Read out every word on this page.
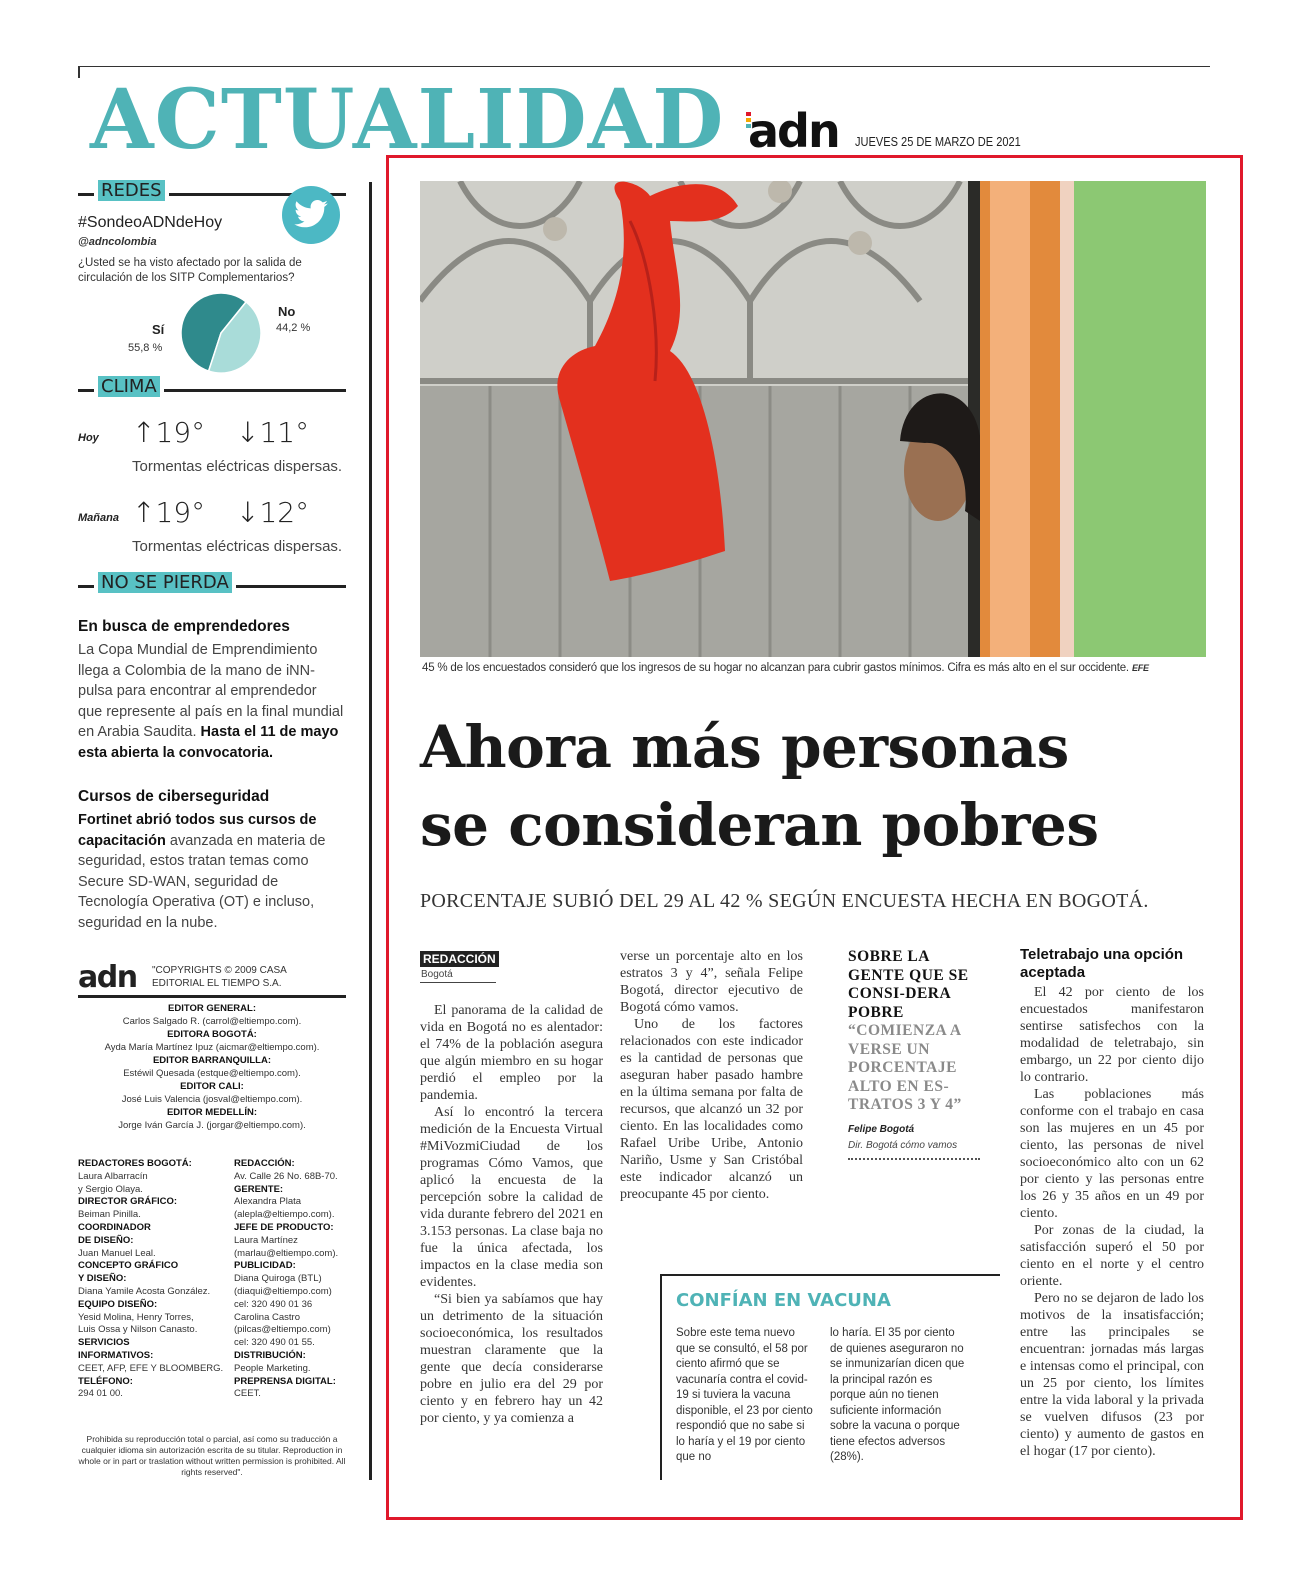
ACTUALIDAD adn JUEVES 25 DE MARZO DE 2021
REDES
#SondeoADNdeHoy
@adncolombia
¿Usted se ha visto afectado por la salida de circulación de los SITP Complementarios?
Sí
55,8 %
No
44,2 %
CLIMA
Hoy ↑19° ↓11°
Tormentas eléctricas dispersas.
Mañana ↑19° ↓12°
Tormentas eléctricas dispersas.
NO SE PIERDA
En busca de emprendedores
La Copa Mundial de Emprendimiento llega a Colombia de la mano de iNN-pulsa para encontrar al emprendedor que represente al país en la final mundial en Arabia Saudita. Hasta el 11 de mayo esta abierta la convocatoria.
Cursos de ciberseguridad
Fortinet abrió todos sus cursos de capacitación avanzada en materia de seguridad, estos tratan temas como Secure SD-WAN, seguridad de Tecnología Operativa (OT) e incluso, seguridad en la nube.
adn "COPYRIGHTS © 2009 CASA EDITORIAL EL TIEMPO S.A.
EDITOR GENERAL:
Carlos Salgado R. (carrol@eltiempo.com).
EDITORA BOGOTÁ:
Ayda María Martínez Ipuz (aicmar@eltiempo.com).
EDITOR BARRANQUILLA:
Estéwil Quesada (estque@eltiempo.com).
EDITOR CALI:
José Luis Valencia (josval@eltiempo.com).
EDITOR MEDELLÍN:
Jorge Iván García J. (jorgar@eltiempo.com).
REDACTORES BOGOTÁ:
Laura Albarracín
y Sergio Olaya.
DIRECTOR GRÁFICO:
Beiman Pinilla.
COORDINADOR
DE DISEÑO:
Juan Manuel Leal.
CONCEPTO GRÁFICO
Y DISEÑO:
Diana Yamile Acosta González.
EQUIPO DISEÑO:
Yesid Molina, Henry Torres,
Luis Ossa y Nilson Canasto.
SERVICIOS
INFORMATIVOS:
CEET, AFP, EFE Y BLOOMBERG.
TELÉFONO:
294 01 00.
REDACCIÓN:
Av. Calle 26 No. 68B-70.
GERENTE:
Alexandra Plata
(alepla@eltiempo.com).
JEFE DE PRODUCTO:
Laura Martínez
(marlau@eltiempo.com).
PUBLICIDAD:
Diana Quiroga (BTL)
(diaqui@eltiempo.com)
cel: 320 490 01 36
Carolina Castro
(pilcas@eltiempo.com)
cel: 320 490 01 55.
DISTRIBUCIÓN:
People Marketing.
PREPRENSA DIGITAL:
CEET.
Prohibida su reproducción total o parcial, así como su traducción a cualquier idioma sin autorización escrita de su titular. Reproduction in whole or in part or traslation without written permission is prohibited. All rights reserved".
45 % de los encuestados consideró que los ingresos de su hogar no alcanzan para cubrir gastos mínimos. Cifra es más alto en el sur occidente. EFE
Ahora más personas
se consideran pobres
PORCENTAJE SUBIÓ DEL 29 AL 42 % SEGÚN ENCUESTA HECHA EN BOGOTÁ.
REDACCIÓN
Bogotá

El panorama de la calidad de vida en Bogotá no es alentador: el 74% de la población asegura que algún miembro en su hogar perdió el empleo por la pandemia.

Así lo encontró la tercera medición de la Encuesta Virtual #MiVozmiCiudad de los programas Cómo Vamos, que aplicó la encuesta de la percepción sobre la calidad de vida durante febrero del 2021 en 3.153 personas. La clase baja no fue la única afectada, los impactos en la clase media son evidentes.

“Si bien ya sabíamos que hay un detrimento de la situación socioeconómica, los resultados muestran claramente que la gente que decía considerarse pobre en julio era del 29 por ciento y en febrero hay un 42 por ciento, y ya comienza a

verse un porcentaje alto en los estratos 3 y 4”, señala Felipe Bogotá, director ejecutivo de Bogotá cómo vamos.

Uno de los factores relacionados con este indicador es la cantidad de personas que aseguran haber pasado hambre en la última semana por falta de recursos, que alcanzó un 32 por ciento. En las localidades como Rafael Uribe Uribe, Antonio Nariño, Usme y San Cristóbal este indicador alcanzó un preocupante 45 por ciento.

SOBRE LA GENTE QUE SE CONSI-DERA POBRE
“COMIENZA A VERSE UN PORCENTAJE ALTO EN ES-TRATOS 3 Y 4”
Felipe Bogotá
Dir. Bogotá cómo vamos
Teletrabajo una opción aceptada

El 42 por ciento de los encuestados manifestaron sentirse satisfechos con la modalidad de teletrabajo, sin embargo, un 22 por ciento dijo lo contrario.

Las poblaciones más conforme con el trabajo en casa son las mujeres en un 45 por ciento, las personas de nivel socioeconómico alto con un 62 por ciento y las personas entre los 26 y 35 años en un 49 por ciento.

Por zonas de la ciudad, la satisfacción superó el 50 por ciento en el norte y el centro oriente.

Pero no se dejaron de lado los motivos de la insatisfacción; entre las principales se encuentran: jornadas más largas e intensas como el principal, con un 25 por ciento, los límites entre la vida laboral y la privada se vuelven difusos (23 por ciento) y aumento de gastos en el hogar (17 por ciento).

CONFÍAN EN VACUNA
Sobre este tema nuevo que se consultó, el 58 por ciento afirmó que se vacunaría contra el covid-19 si tuviera la vacuna disponible, el 23 por ciento respondió que no sabe si lo haría y el 19 por ciento que no
lo haría. El 35 por ciento de quienes aseguraron no se inmunizarían dicen que la principal razón es porque aún no tienen suficiente información sobre la vacuna o porque tiene efectos adversos (28%).
